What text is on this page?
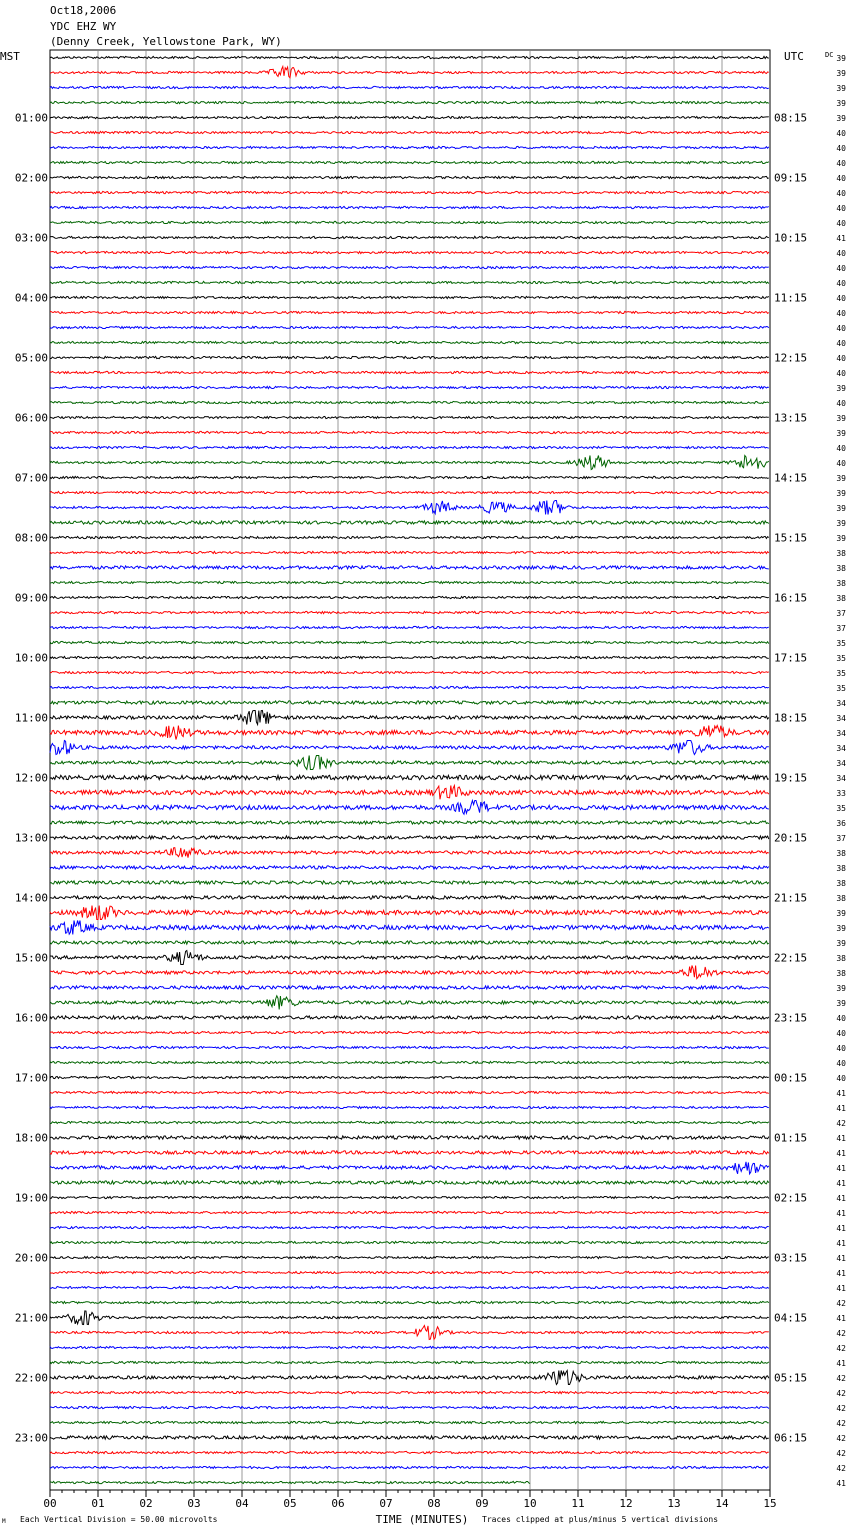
Oct18,2006
YDC EHZ WY
(Denny Creek, Yellowstone Park, WY)
39
39
39
39
39
40
40
40
40
40
40
40
41
40
40
40
40
40
40
40
40
40
39
40
39
39
40
40
39
39
39
39
39
38
38
38
38
37
37
35
35
35
35
34
34
34
34
34
34
33
35
36
37
38
38
38
38
39
39
39
38
38
39
39
40
40
40
40
40
41
41
42
41
41
41
41
41
41
41
41
41
41
41
42
41
42
42
41
42
42
42
42
42
42
42
41
01:00
02:00
03:00
04:00
05:00
06:00
07:00
08:00
09:00
10:00
11:00
12:00
13:00
14:00
15:00
16:00
17:00
18:00
19:00
20:00
21:00
22:00
23:00
08:15
09:15
10:15
11:15
12:15
13:15
14:15
15:15
16:15
17:15
18:15
19:15
20:15
21:15
22:15
23:15
00:15
01:15
02:15
03:15
04:15
05:15
06:15
MST	UTC	DC
00	01	02	03	04	05	06	07	08	09	10	11	12	13	14	15
M Each Vertical Division = 50.00 microvolts	TIME (MINUTES) Traces clipped at plus/minus 5 vertical divisions
